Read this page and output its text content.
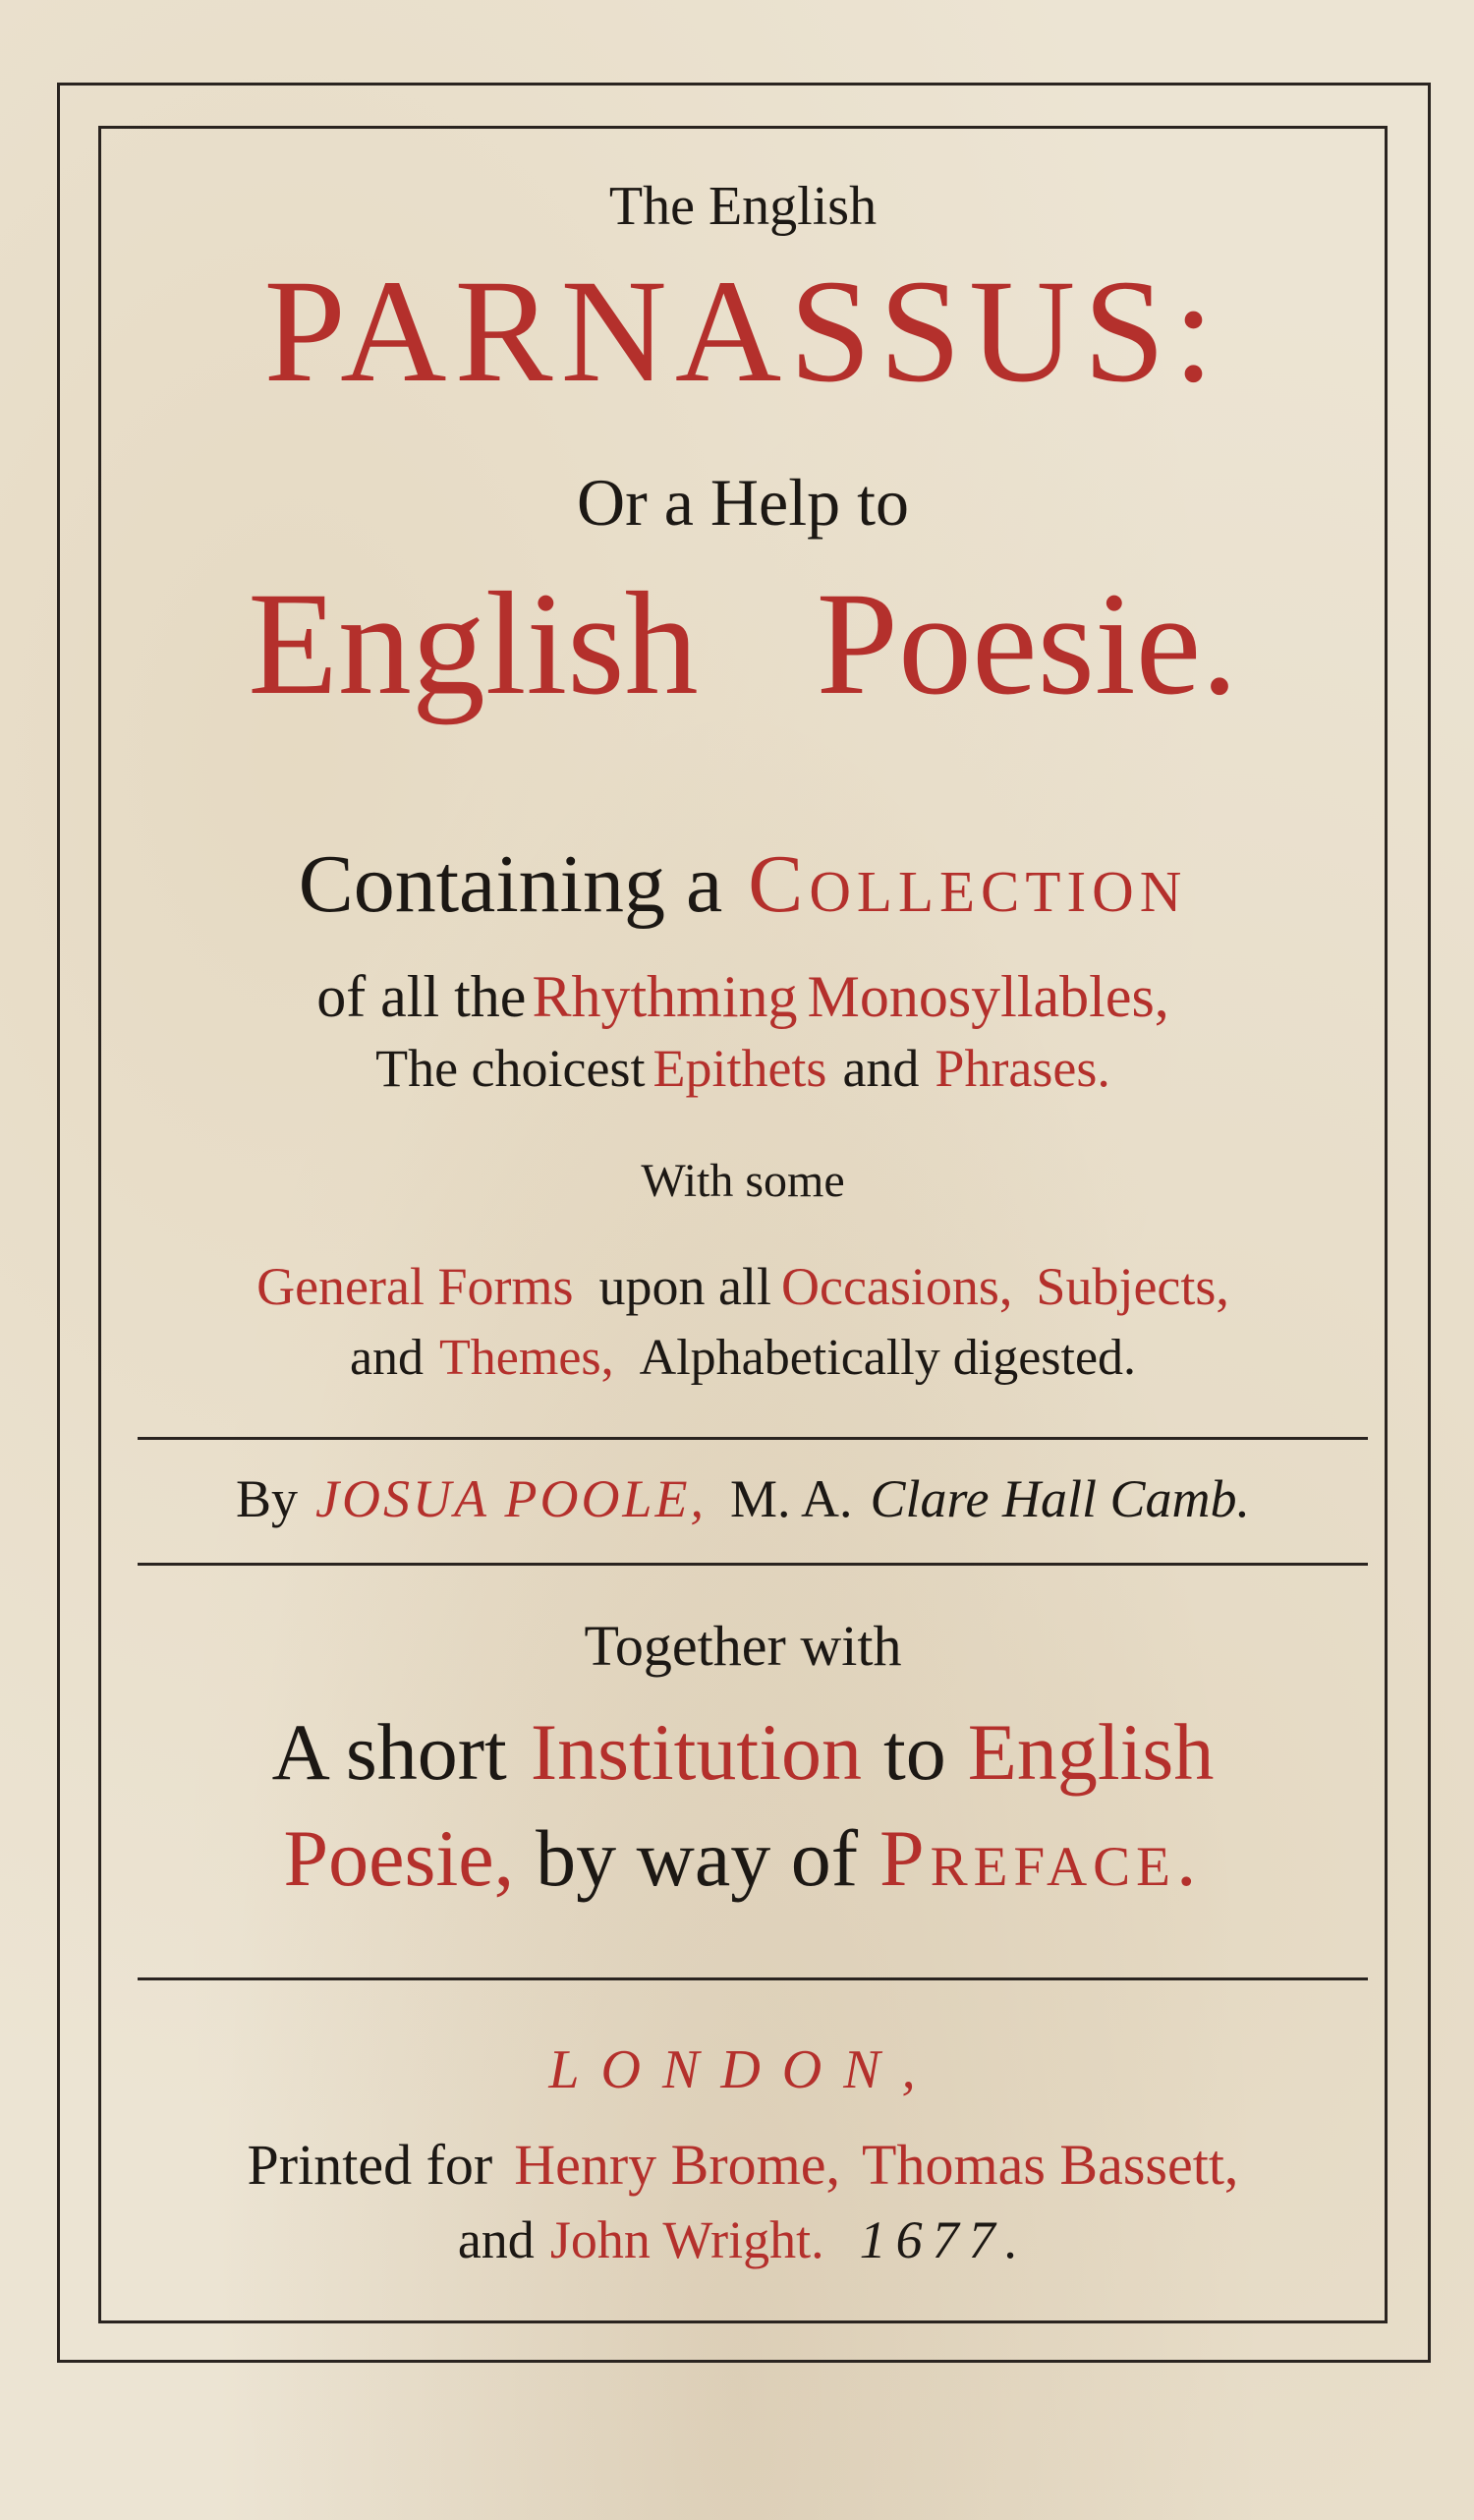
The English
PARNASSUS:
Or a Help to
English Poesie.
Containing a Collection
of all the Rhythming Monosyllables,
The choicest Epithets and Phrases.
With some
General Forms upon all Occasions, Subjects,
and Themes, Alphabetically digested.
By JOSUA POOLE, M. A. Clare Hall Camb.
Together with
A short Institution to English
Poesie, by way of Preface.
LONDON,
Printed for Henry Brome, Thomas Bassett,
and John Wright. 1677.
